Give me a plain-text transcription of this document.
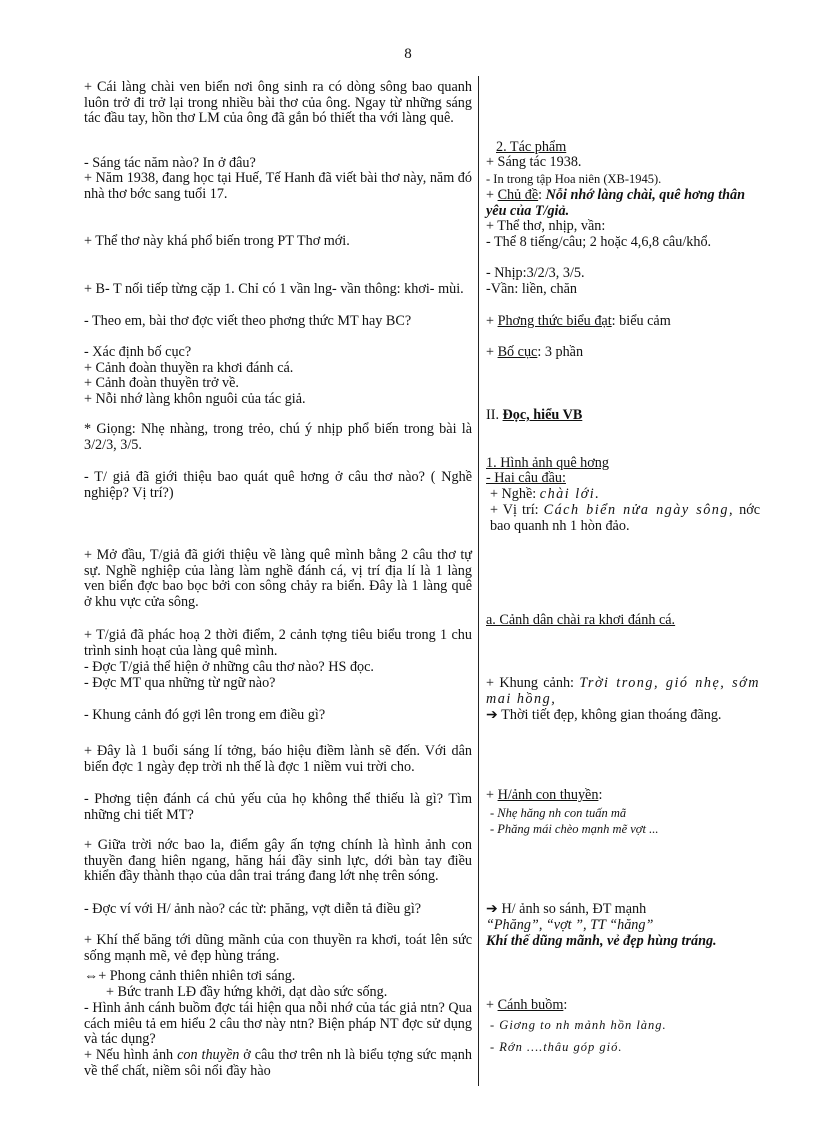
8

+ Cái làng chài ven biển nơi ông sinh ra có dòng sông bao quanh luôn trở đi trở lại trong nhiều bài thơ của ông. Ngay từ những sáng tác đầu tay, hồn thơ LM của ông đã gắn bó thiết tha với làng quê.

- Sáng tác năm nào? In ở đâu?

+ Năm 1938, đang học tại Huế, Tế Hanh đã viết bài thơ này, năm đó nhà thơ bớc sang tuổi 17.

+ Thể thơ này khá phổ biến trong PT Thơ mới.

+ B- T nối tiếp từng cặp 1. Chỉ có 1 vần lng- vần thông: khơi- mùi.

- Theo em, bài thơ đợc viết theo phơng thức MT hay BC?

- Xác định bố cục?

+ Cảnh đoàn thuyền ra khơi đánh cá.

+ Cảnh đoàn thuyền trở về.

+ Nỗi nhớ làng khôn nguôi của tác giả.

* Giọng: Nhẹ nhàng, trong trẻo, chú ý nhịp phổ biến trong bài là 3/2/3, 3/5.

- T/ giả đã giới thiệu bao quát quê hơng ở câu thơ nào? ( Nghề nghiệp? Vị trí?)

+ Mở đầu, T/giả đã giới thiệu về làng quê mình bằng 2 câu thơ tự sự. Nghề nghiệp của làng làm nghề đánh cá, vị trí địa lí là 1 làng ven biển đợc bao bọc bởi con sông chảy ra biển. Đây là 1 làng quê ở khu vực cửa sông.

+ T/giả đã phác hoạ 2 thời điểm, 2 cảnh tợng tiêu biểu trong 1 chu trình sinh hoạt của làng quê mình.

- Đợc T/giả thể hiện ở những câu thơ nào? HS đọc.

- Đợc MT qua những từ ngữ nào?

- Khung cảnh đó gợi lên trong em điều gì?

+ Đây là 1 buổi sáng lí tởng, báo hiệu điềm lành sẽ đến. Với dân biển đợc 1 ngày đẹp trời nh thế là đợc 1 niềm vui trời cho.

- Phơng tiện đánh cá chủ yếu của họ không thể thiếu là gì? Tìm những chi tiết MT?

+ Giữa trời nớc bao la, điểm gây ấn tợng chính là hình ảnh con thuyền đang hiên ngang, hăng hái đầy sinh lực, dới bàn tay điều khiển đầy thành thạo của dân trai tráng đang lớt nhẹ trên sóng.

- Đợc ví với H/ ảnh nào? các từ: phăng, vợt diễn tả điều gì?

+ Khí thế băng tới dũng mãnh của con thuyền ra khơi, toát lên sức sống mạnh mẽ, vẻ đẹp hùng tráng.

⇔+ Phong cảnh thiên nhiên tơi sáng.

+ Bức tranh LĐ đầy hứng khởi, dạt dào sức sống.

- Hình ảnh cánh buồm đợc tái hiện qua nỗi nhớ của tác giả ntn? Qua cách miêu tả em hiểu 2 câu thơ này ntn? Biện pháp NT đợc sử dụng và tác dụng?

+ Nếu hình ảnh con thuyền ở câu thơ trên nh là biểu tợng sức mạnh về thể chất, niềm sôi nổi đầy hào

2. Tác phẩm

+ Sáng tác 1938.

- In trong tập Hoa niên (XB-1945).

+ Chủ đề: Nỗi nhớ làng chài, quê hơng thân yêu của T/giả.

+ Thể thơ, nhịp, vần:

- Thể 8 tiếng/câu; 2 hoặc 4,6,8 câu/khổ.

- Nhịp:3/2/3, 3/5.

-Vần: liền, chăn

+ Phơng thức biểu đạt: biểu cảm

+ Bố cục: 3 phần

II. Đọc, hiểu VB

1. Hình ảnh quê hơng

- Hai câu đầu:

+ Nghề: chài lới.

+ Vị trí: Cách biển nửa ngày sông, nớc bao quanh nh 1 hòn đảo.

a. Cảnh dân chài ra khơi đánh cá.

+ Khung cảnh: Trời trong, gió nhẹ, sớm mai hồng,

➔ Thời tiết đẹp, không gian thoáng đãng.

+ H/ảnh con thuyền:

- Nhẹ hăng nh con tuấn mã

- Phăng mái chèo mạnh mẽ vợt ...

➔ H/ ảnh so sánh, ĐT mạnh

“Phăng”, “vợt ”, TT “hăng”

Khí thế dũng mãnh, vẻ đẹp hùng tráng.

+ Cánh buồm:

- Giơng to nh mảnh hồn làng.

- Rớn ….thâu góp gió.
